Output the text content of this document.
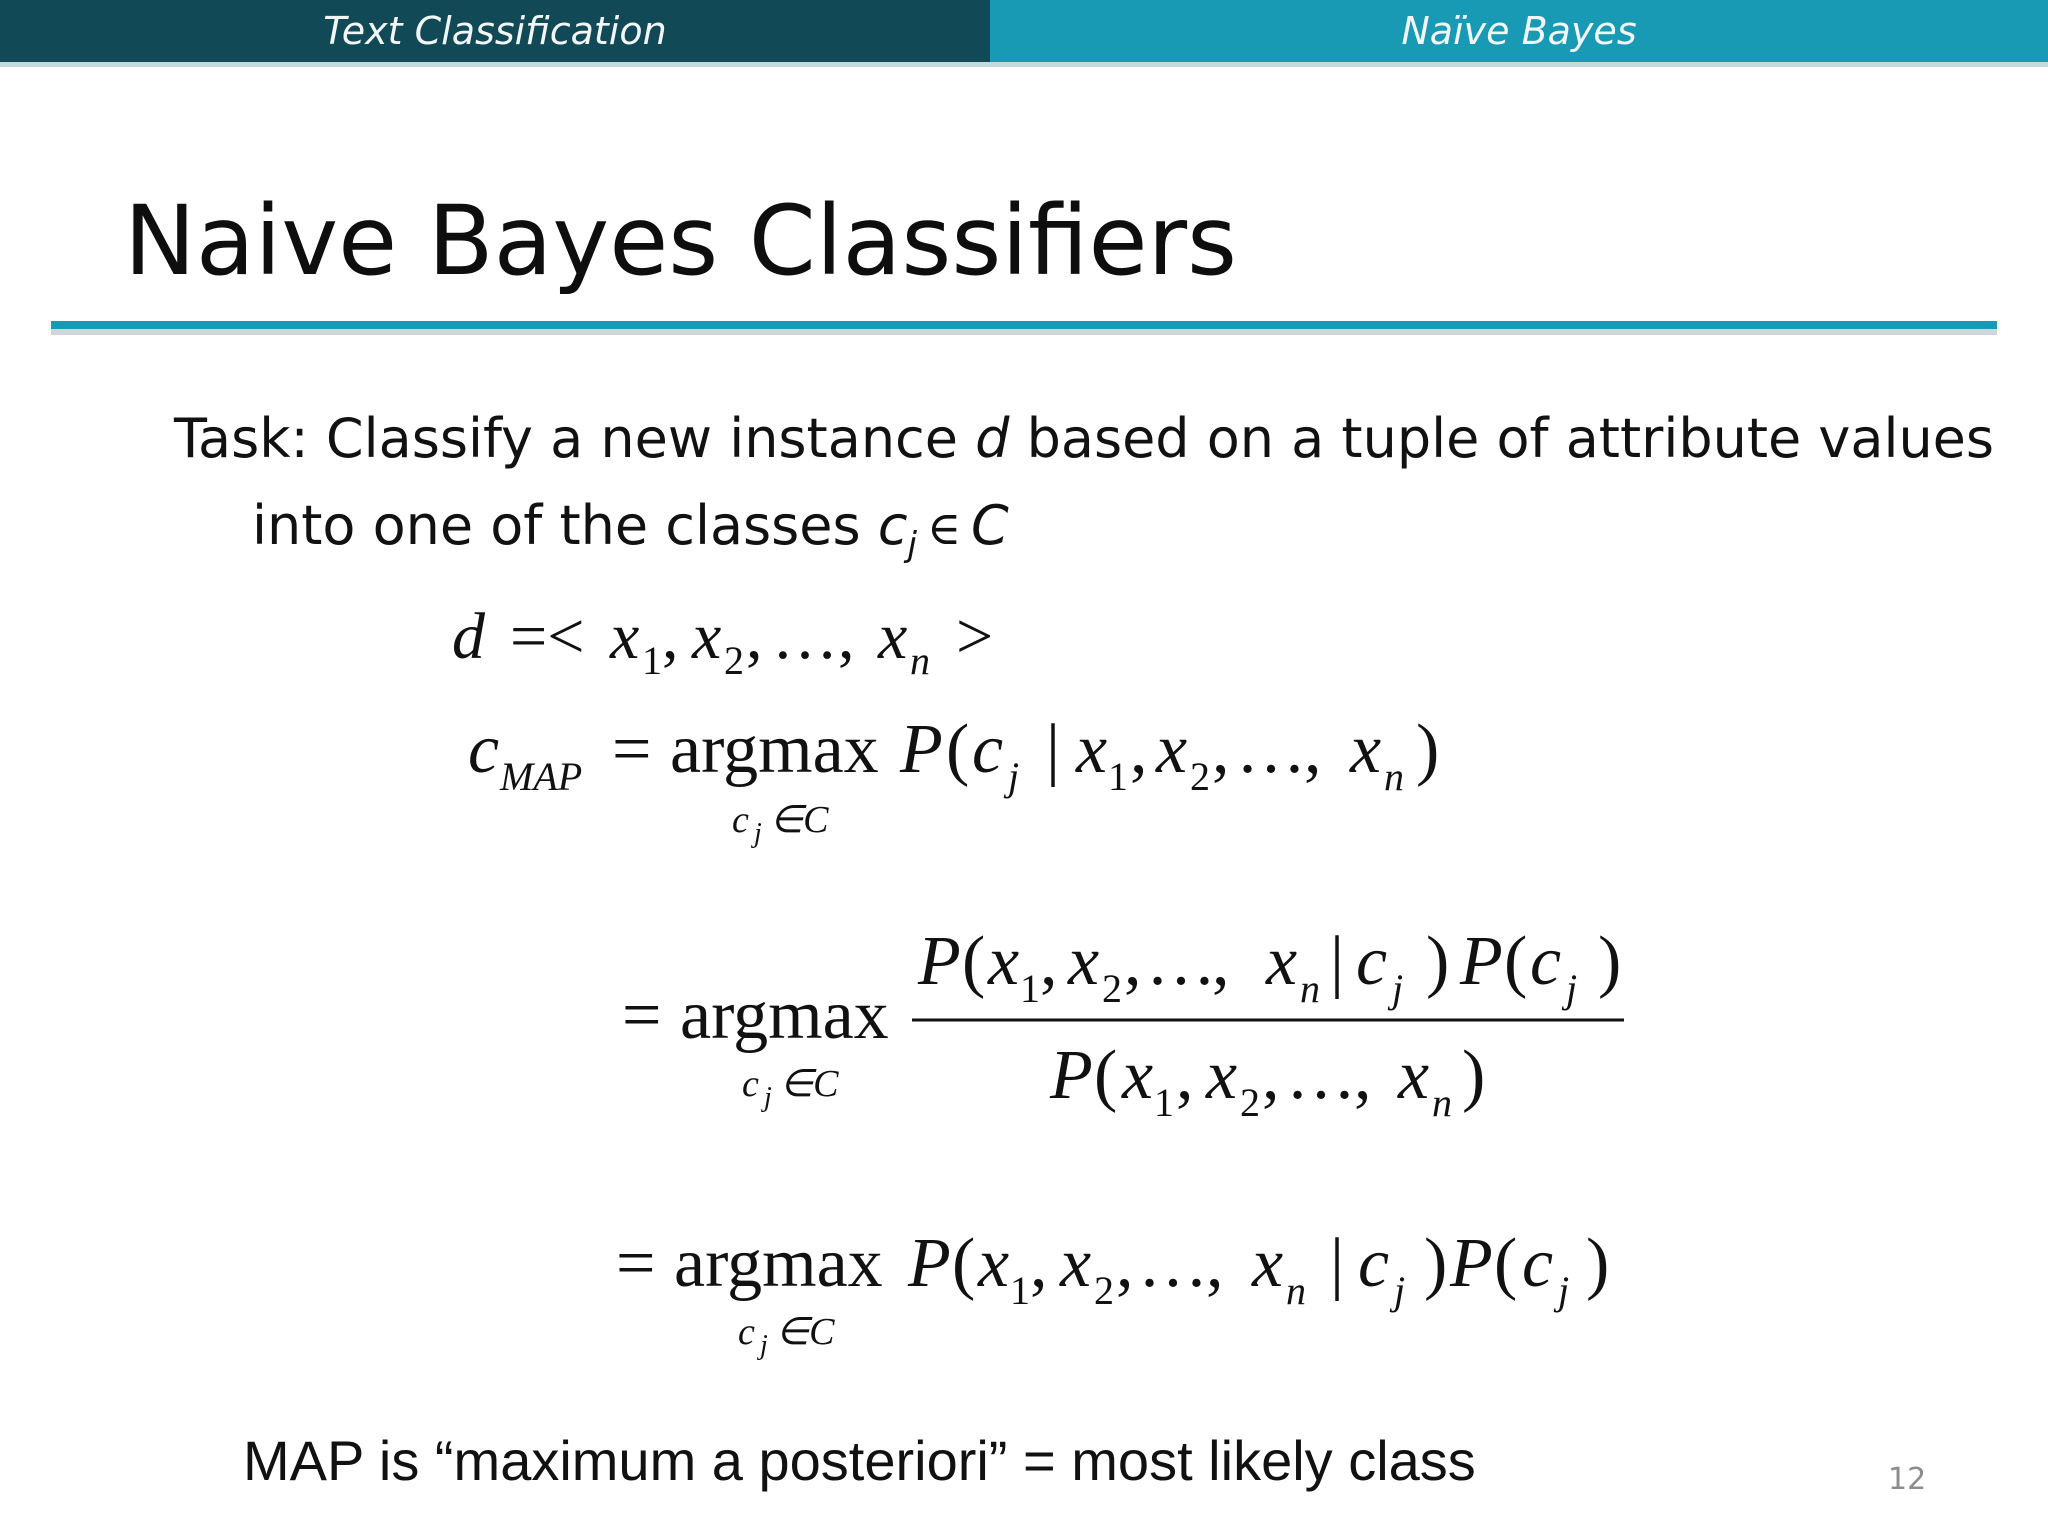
Text Classification	Naïve Bayes
Naive Bayes Classifiers
Task: Classify a new instance d based on a tuple of attribute values
into one of the classes $c_j$ ∈ C
d =< x 1 , x 2 , … , x n >
c MAP = argmax
c j ∈C
P ( c j | x 1 , x 2 , …
, x n )
= argmax
c j ∈C
P ( x 1 , x 2 , …
, x n | c j ) P ( c j )
P ( x 1 , x 2 , …
, x n )
= argmax
c j ∈C
P ( x 1 , x 2 , …
, x n | c j ) P ( c j )
MAP is “maximum a posteriori” = most likely class	12
